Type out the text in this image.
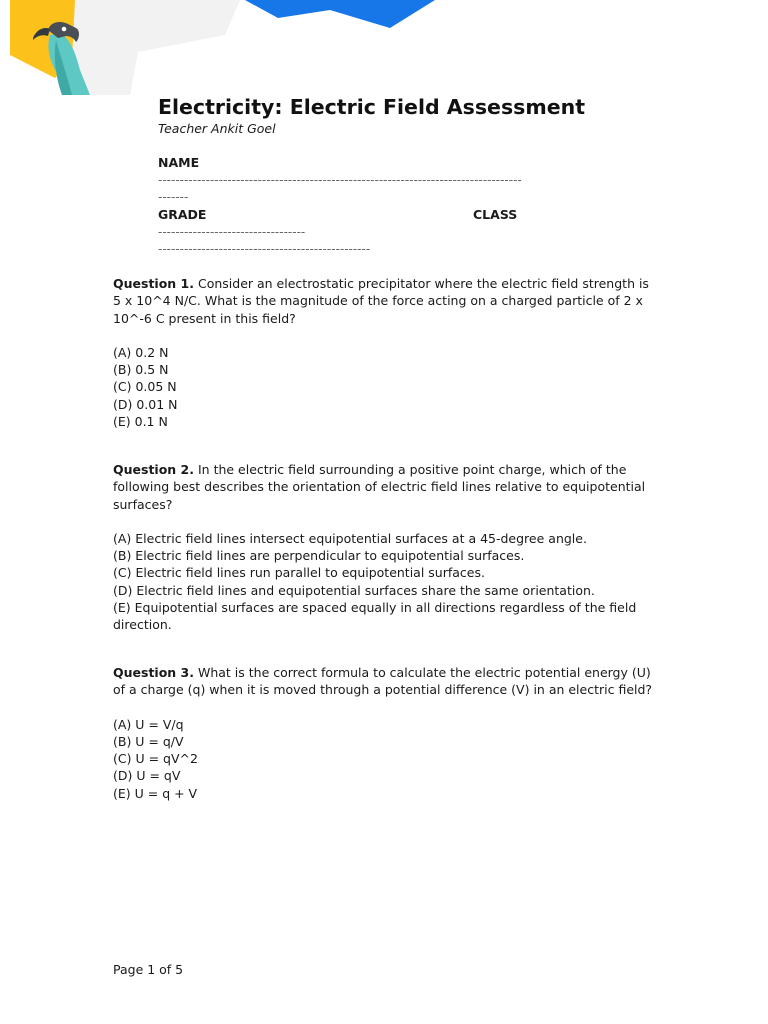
Electricity: Electric Field Assessment
Teacher Ankit Goel
NAME
------------------------------------------------------------------------------------
-------
GRADE	CLASS
----------------------------------
-------------------------------------------------

Question 1. Consider an electrostatic precipitator where the electric field strength is 5 x 10^4 N/C. What is the magnitude of the force acting on a charged particle of 2 x 10^-6 C present in this field?

(A) 0.2 N
(B) 0.5 N
(C) 0.05 N
(D) 0.01 N
(E) 0.1 N

Question 2. In the electric field surrounding a positive point charge, which of the following best describes the orientation of electric field lines relative to equipotential surfaces?

(A) Electric field lines intersect equipotential surfaces at a 45-degree angle.
(B) Electric field lines are perpendicular to equipotential surfaces.
(C) Electric field lines run parallel to equipotential surfaces.
(D) Electric field lines and equipotential surfaces share the same orientation.
(E) Equipotential surfaces are spaced equally in all directions regardless of the field direction.

Question 3. What is the correct formula to calculate the electric potential energy (U) of a charge (q) when it is moved through a potential difference (V) in an electric field?

(A) U = V/q
(B) U = q/V
(C) U = qV^2
(D) U = qV
(E) U = q + V
Page 1 of 5
